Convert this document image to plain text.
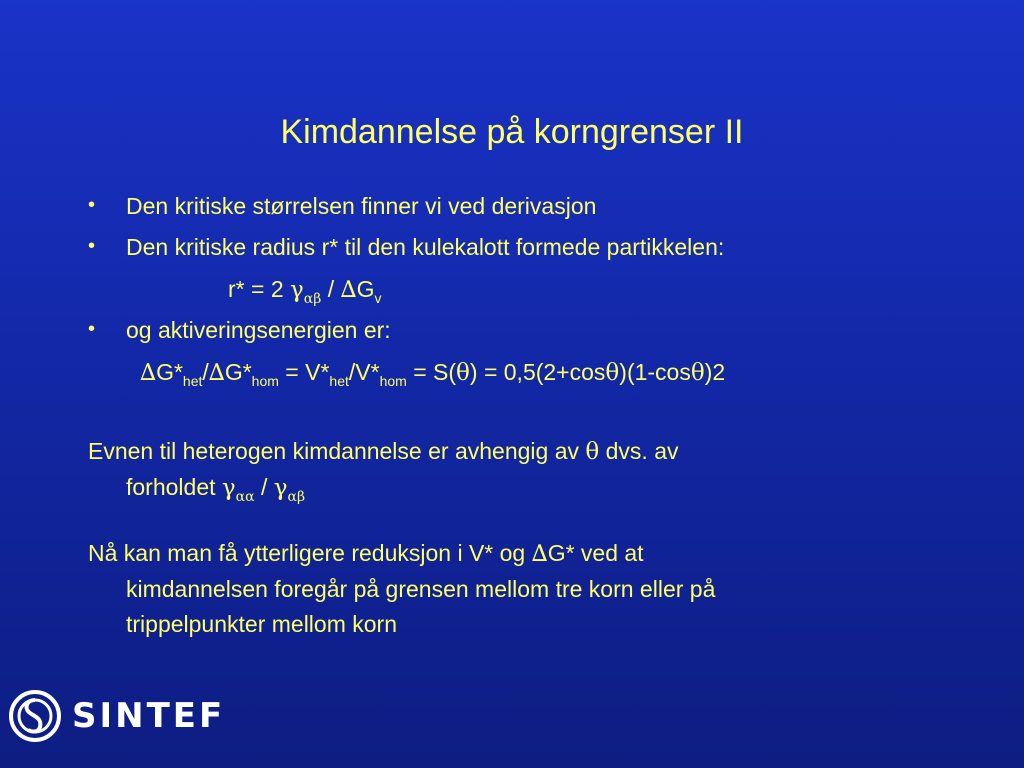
Kimdannelse på korngrenser II
• Den kritiske størrelsen finner vi ved derivasjon
• Den kritiske radius r* til den kulekalott formede partikkelen:
r* = 2 $\gamma_{\alpha\beta} / \Delta G_v$
• og aktiveringsenergien er:
$\Delta G*_{het}/\Delta G*_{hom} = V*_{het}/V*_{hom} = S(\theta) = 0,5(2+\cos\theta)(1-\cos\theta)2$
Evnen til heterogen kimdannelse er avhengig av θ dvs. av
forholdet $\gamma_{\alpha\alpha} / \gamma_{\alpha\beta}$
Nå kan man få ytterligere reduksjon i V* og ∆G* ved at
kimdannelsen foregår på grensen mellom tre korn eller på
trippelpunkter mellom korn
SINTEF
